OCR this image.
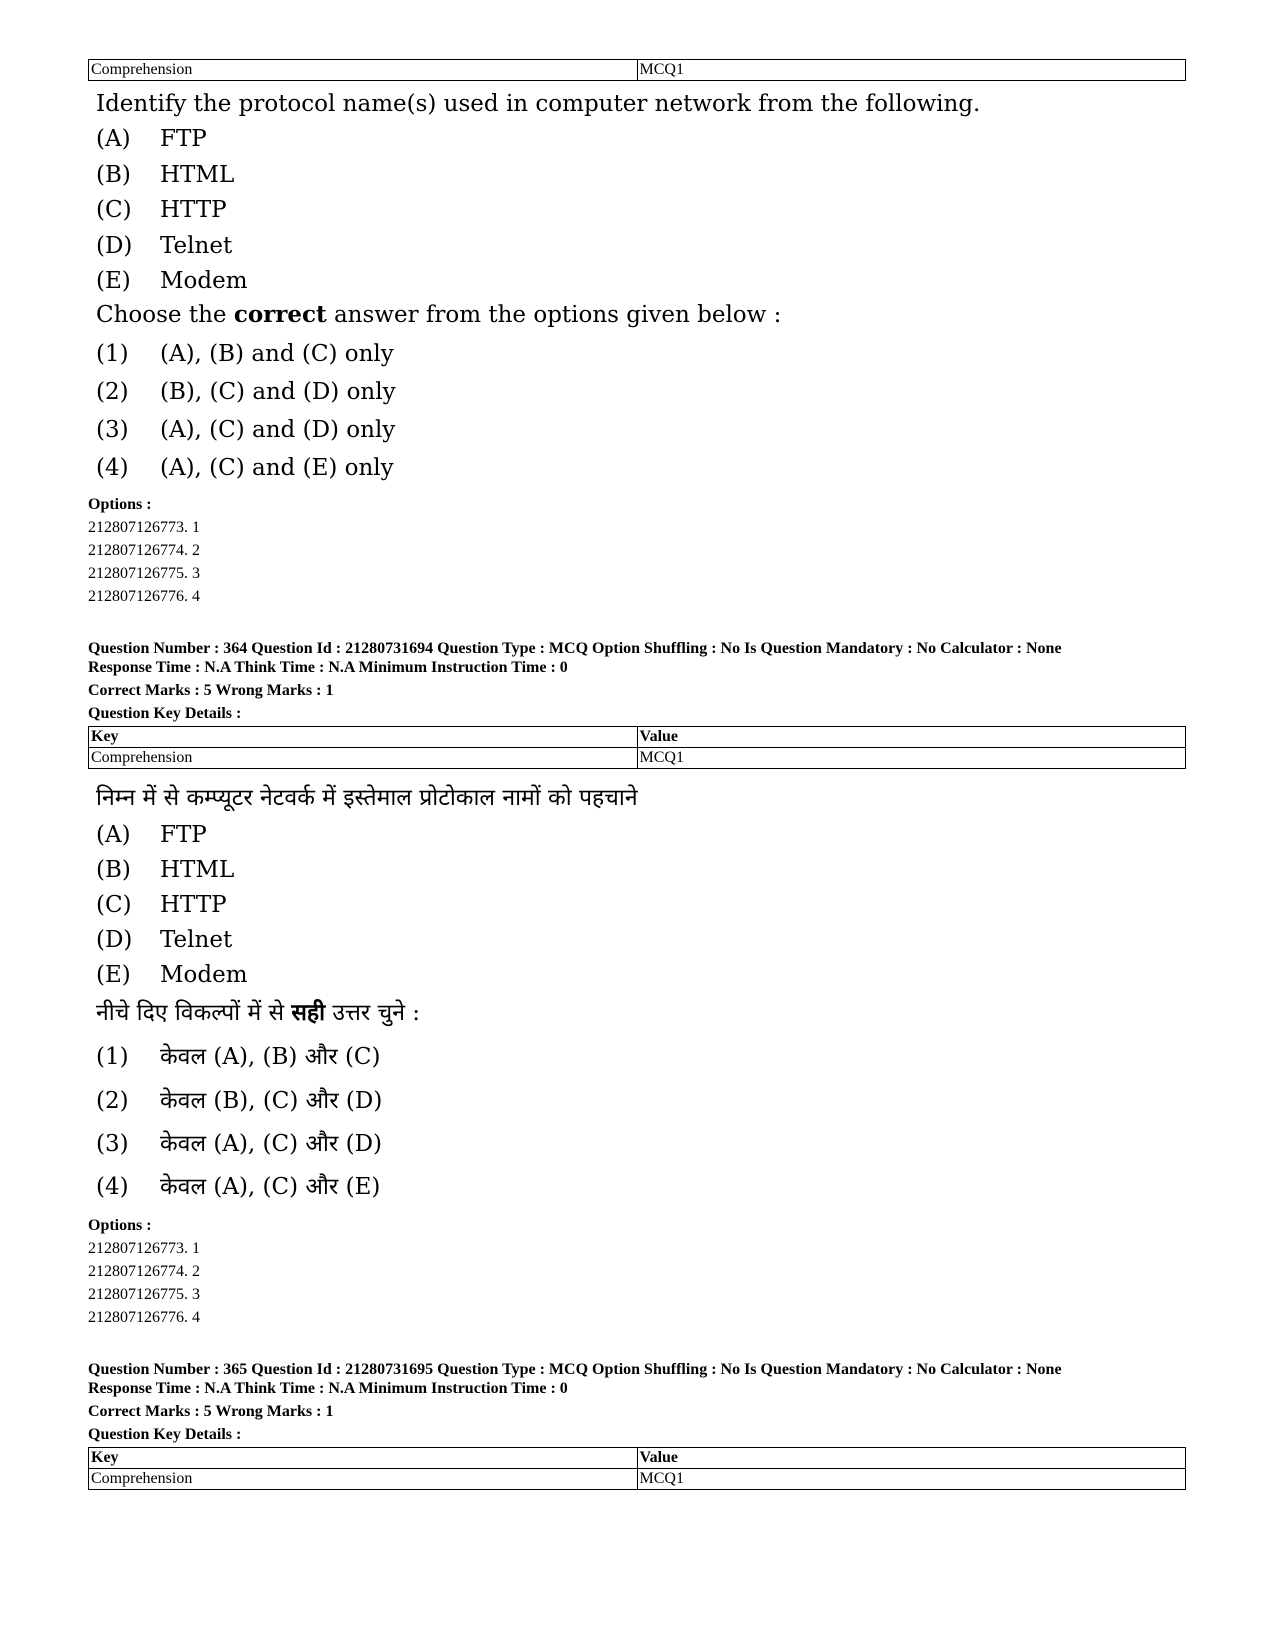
Comprehension	MCQ1
Identify the protocol name(s) used in computer network from the following.
(A) FTP
(B) HTML
(C) HTTP
(D) Telnet
(E) Modem
Choose the correct answer from the options given below :
(1) (A), (B) and (C) only
(2) (B), (C) and (D) only
(3) (A), (C) and (D) only
(4) (A), (C) and (E) only
Options :
212807126773. 1
212807126774. 2
212807126775. 3
212807126776. 4
Question Number : 364 Question Id : 21280731694 Question Type : MCQ Option Shuffling : No Is Question Mandatory : No Calculator : None
Response Time : N.A Think Time : N.A Minimum Instruction Time : 0
Correct Marks : 5 Wrong Marks : 1
Question Key Details :
Key	Value
Comprehension	MCQ1
निम्न में से कम्प्यूटर नेटवर्क में इस्तेमाल प्रोटोकाल नामों को पहचाने
(A) FTP
(B) HTML
(C) HTTP
(D) Telnet
(E) Modem
नीचे दिए विकल्पों में से सही उत्तर चुने :
(1) केवल (A), (B) और (C)
(2) केवल (B), (C) और (D)
(3) केवल (A), (C) और (D)
(4) केवल (A), (C) और (E)
Options :
212807126773. 1
212807126774. 2
212807126775. 3
212807126776. 4
Question Number : 365 Question Id : 21280731695 Question Type : MCQ Option Shuffling : No Is Question Mandatory : No Calculator : None
Response Time : N.A Think Time : N.A Minimum Instruction Time : 0
Correct Marks : 5 Wrong Marks : 1
Question Key Details :
Key	Value
Comprehension	MCQ1
